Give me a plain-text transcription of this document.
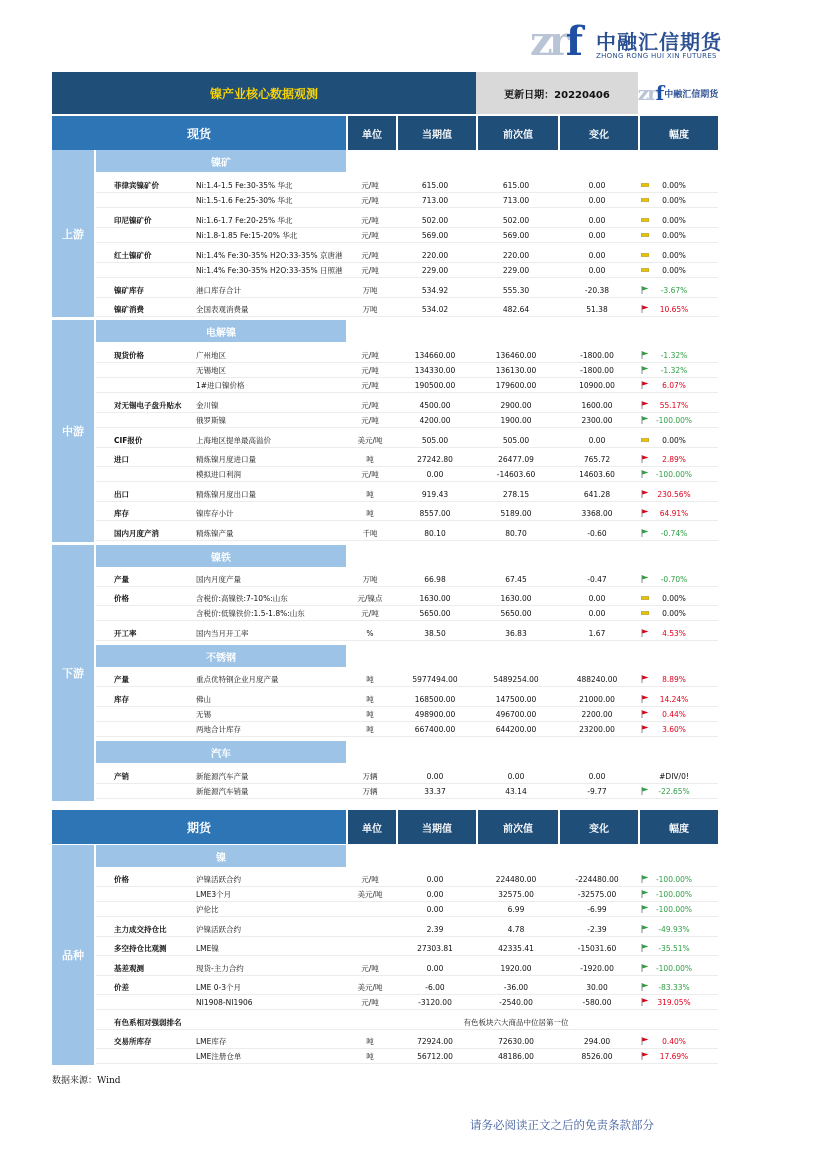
zrf 中融汇信期货
ZHONG RONG HUI XIN FUTURES
镍产业核心数据观测	更新日期：20220406	zrf 中融汇信期货
现货	单位	当期值	前次值	变化	幅度
期货	单位	当期值	前次值	变化	幅度
上游
中游
下游
镍矿
电解镍
镍铁
不锈钢
汽车
菲律宾镍矿价	Ni:1.4-1.5 Fe:30-35% 华北	元/吨	615.00	615.00	0.00	0.00%
Ni:1.5-1.6 Fe:25-30% 华北	元/吨	713.00	713.00	0.00	0.00%
印尼镍矿价	Ni:1.6-1.7 Fe:20-25% 华北	元/吨	502.00	502.00	0.00	0.00%
Ni:1.8-1.85 Fe:15-20% 华北	元/吨	569.00	569.00	0.00	0.00%
红土镍矿价	Ni:1.4% Fe:30-35% H2O:33-35% 京唐港	元/吨	220.00	220.00	0.00	0.00%
Ni:1.4% Fe:30-35% H2O:33-35% 日照港	元/吨	229.00	229.00	0.00	0.00%
镍矿库存	港口库存合计	万吨	534.92	555.30	-20.38	-3.67%
镍矿消费	全国表观消费量	万吨	534.02	482.64	51.38	10.65%
现货价格	广州地区	元/吨	134660.00	136460.00	-1800.00	-1.32%
无锡地区	元/吨	134330.00	136130.00	-1800.00	-1.32%
1#进口镍价格	元/吨	190500.00	179600.00	10900.00	6.07%
对无锡电子盘升贴水 金川镍	元/吨	4500.00	2900.00	1600.00	55.17%
俄罗斯镍	元/吨	4200.00	1900.00	2300.00	-100.00%
CIF报价	上海地区提单最高溢价	美元/吨	505.00	505.00	0.00	0.00%
进口	精炼镍月度进口量	吨	27242.80	26477.09	765.72	2.89%
模拟进口利润	元/吨	0.00	-14603.60	14603.60	-100.00%
出口	精炼镍月度出口量	吨	919.43	278.15	641.28	230.56%
库存	镍库存小计	吨	8557.00	5189.00	3368.00	64.91%
国内月度产消	精炼镍产量	千吨	80.10	80.70	-0.60	-0.74%
产量	国内月度产量	万吨	66.98	67.45	-0.47	-0.70%
价格	含税价:高镍铁:7-10%:山东	元/镍点	1630.00	1630.00	0.00	0.00%
含税价:低镍铁价:1.5-1.8%:山东	元/吨	5650.00	5650.00	0.00	0.00%
开工率	国内当月开工率	%	38.50	36.83	1.67	4.53%
产量	重点优特钢企业月度产量	吨	5977494.00	5489254.00	488240.00	8.89%
库存	佛山	吨	168500.00	147500.00	21000.00	14.24%
无锡	吨	498900.00	496700.00	2200.00	0.44%
两地合计库存	吨	667400.00	644200.00	23200.00	3.60%
产销	新能源汽车产量	万辆	0.00	0.00	0.00	#DIV/0!
新能源汽车销量	万辆	33.37	43.14	-9.77	-22.65%
品种
镍
价格	沪镍活跃合约	元/吨	0.00	224480.00	-224480.00	-100.00%
LME3个月	美元/吨	0.00	32575.00	-32575.00	-100.00%
沪伦比	0.00	6.99	-6.99	-100.00%
主力成交持仓比	沪镍活跃合约	2.39	4.78	-2.39	-49.93%
多空持仓比观测	LME镍	27303.81	42335.41	-15031.60	-35.51%
基差观测	现货-主力合约	元/吨	0.00	1920.00	-1920.00	-100.00%
价差	LME 0-3个月	美元/吨	-6.00	-36.00	30.00	-83.33%
NI1908-NI1906	元/吨	-3120.00	-2540.00	-580.00	319.05%
有色系相对强弱排名	有色板块六大商品中位居第一位
交易所库存	LME库存	吨	72924.00	72630.00	294.00	0.40%
LME注册仓单	吨	56712.00	48186.00	8526.00	17.69%
数据来源：Wind
请务必阅读正文之后的免责条款部分
